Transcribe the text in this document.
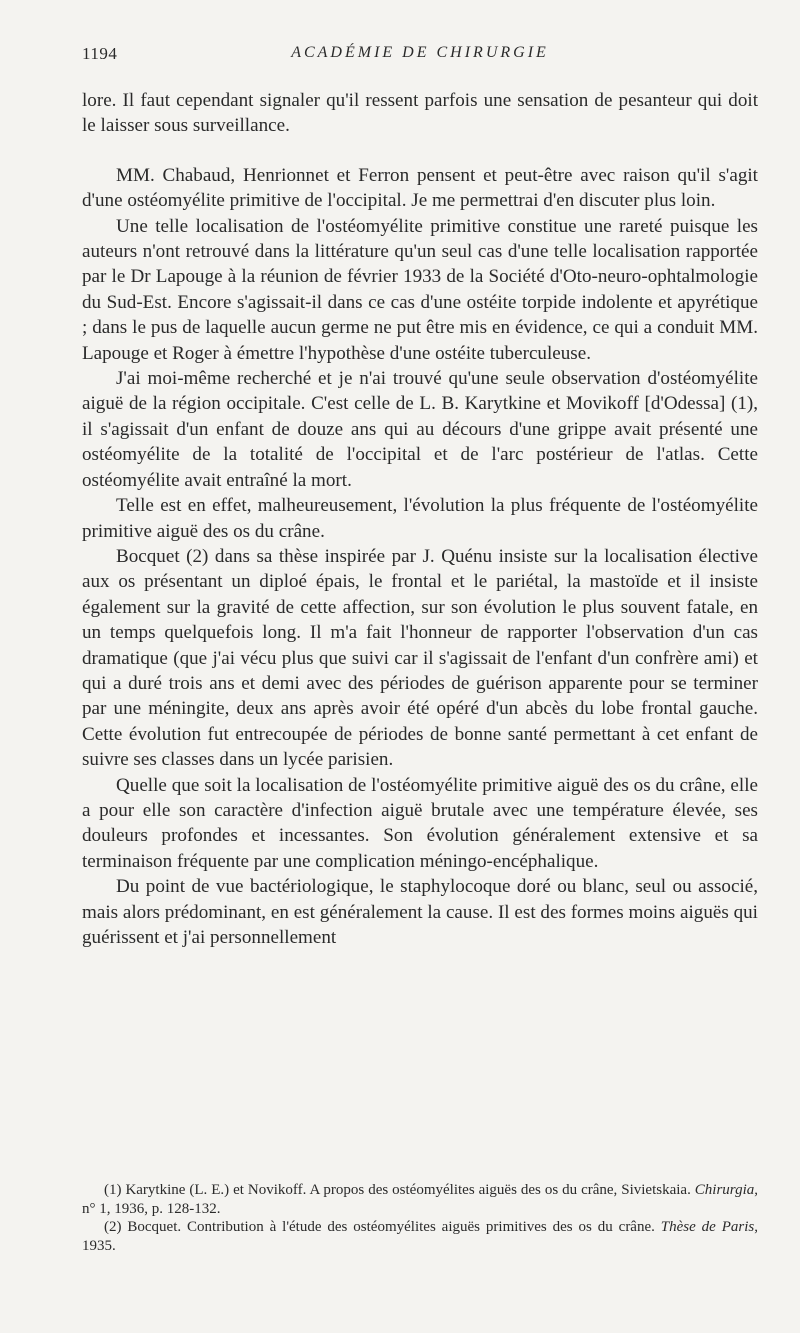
1194	ACADÉMIE DE CHIRURGIE

lore. Il faut cependant signaler qu'il ressent parfois une sensation de pesanteur qui doit le laisser sous surveillance.

MM. Chabaud, Henrionnet et Ferron pensent et peut-être avec raison qu'il s'agit d'une ostéomyélite primitive de l'occipital. Je me permettrai d'en discuter plus loin.

Une telle localisation de l'ostéomyélite primitive constitue une rareté puisque les auteurs n'ont retrouvé dans la littérature qu'un seul cas d'une telle localisation rapportée par le Dr Lapouge à la réunion de février 1933 de la Société d'Oto-neuro-ophtalmologie du Sud-Est. Encore s'agissait-il dans ce cas d'une ostéite torpide indolente et apyrétique ; dans le pus de laquelle aucun germe ne put être mis en évidence, ce qui a conduit MM. Lapouge et Roger à émettre l'hypothèse d'une ostéite tuberculeuse.

J'ai moi-même recherché et je n'ai trouvé qu'une seule observation d'ostéomyélite aiguë de la région occipitale. C'est celle de L. B. Karytkine et Movikoff [d'Odessa] (1), il s'agissait d'un enfant de douze ans qui au décours d'une grippe avait présenté une ostéomyélite de la totalité de l'occipital et de l'arc postérieur de l'atlas. Cette ostéomyélite avait entraîné la mort.

Telle est en effet, malheureusement, l'évolution la plus fréquente de l'ostéomyélite primitive aiguë des os du crâne.

Bocquet (2) dans sa thèse inspirée par J. Quénu insiste sur la localisation élective aux os présentant un diploé épais, le frontal et le pariétal, la mastoïde et il insiste également sur la gravité de cette affection, sur son évolution le plus souvent fatale, en un temps quelquefois long. Il m'a fait l'honneur de rapporter l'observation d'un cas dramatique (que j'ai vécu plus que suivi car il s'agissait de l'enfant d'un confrère ami) et qui a duré trois ans et demi avec des périodes de guérison apparente pour se terminer par une méningite, deux ans après avoir été opéré d'un abcès du lobe frontal gauche. Cette évolution fut entrecoupée de périodes de bonne santé permettant à cet enfant de suivre ses classes dans un lycée parisien.

Quelle que soit la localisation de l'ostéomyélite primitive aiguë des os du crâne, elle a pour elle son caractère d'infection aiguë brutale avec une température élevée, ses douleurs profondes et incessantes. Son évolution généralement extensive et sa terminaison fréquente par une complication méningo-encéphalique.

Du point de vue bactériologique, le staphylocoque doré ou blanc, seul ou associé, mais alors prédominant, en est généralement la cause. Il est des formes moins aiguës qui guérissent et j'ai personnellement

(1) Karytkine (L. E.) et Novikoff. A propos des ostéomyélites aiguës des os du crâne, Sivietskaia. Chirurgia, n° 1, 1936, p. 128-132.

(2) Bocquet. Contribution à l'étude des ostéomyélites aiguës primitives des os du crâne. Thèse de Paris, 1935.
